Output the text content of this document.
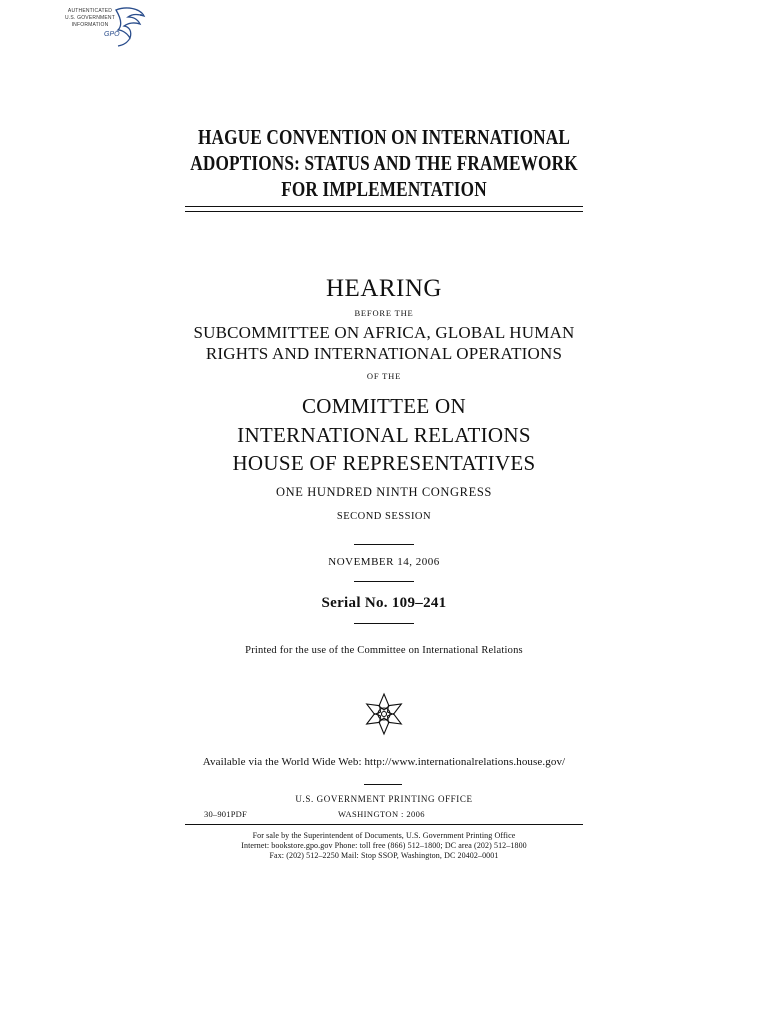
AUTHENTICATED
U.S. GOVERNMENT
INFORMATION
GPO
HAGUE CONVENTION ON INTERNATIONAL
ADOPTIONS: STATUS AND THE FRAMEWORK
FOR IMPLEMENTATION
HEARING
BEFORE THE
SUBCOMMITTEE ON AFRICA, GLOBAL HUMAN
RIGHTS AND INTERNATIONAL OPERATIONS
OF THE
COMMITTEE ON
INTERNATIONAL RELATIONS
HOUSE OF REPRESENTATIVES
ONE HUNDRED NINTH CONGRESS
SECOND SESSION
NOVEMBER 14, 2006
Serial No. 109–241
Printed for the use of the Committee on International Relations
Available via the World Wide Web: http://www.internationalrelations.house.gov/
U.S. GOVERNMENT PRINTING OFFICE
30–901PDF	WASHINGTON : 2006
For sale by the Superintendent of Documents, U.S. Government Printing Office
Internet: bookstore.gpo.gov Phone: toll free (866) 512–1800; DC area (202) 512–1800
Fax: (202) 512–2250 Mail: Stop SSOP, Washington, DC 20402–0001
